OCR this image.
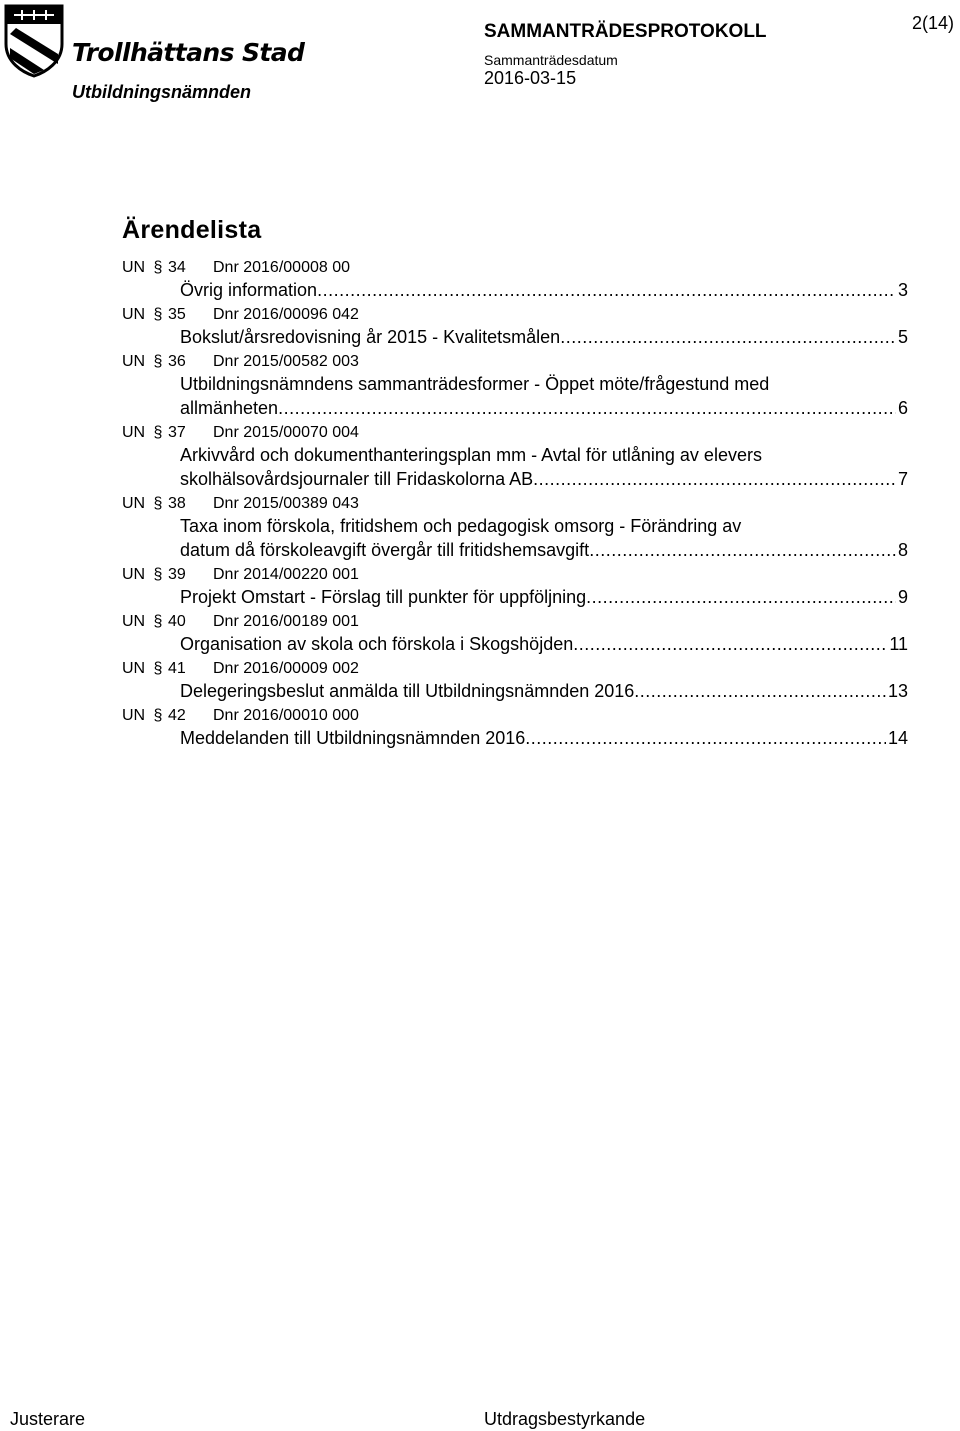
Trollhättans Stad
Utbildningsnämnden
SAMMANTRÄDESPROTOKOLL
Sammanträdesdatum
2016-03-15
2(14)
Ärendelista
UN § 34 Dnr 2016/00008 00
Övrig information .....	3
UN § 35 Dnr 2016/00096 042
Bokslut/årsredovisning år 2015 - Kvalitetsmålen .....	5
UN § 36 Dnr 2015/00582 003
Utbildningsnämndens sammanträdesformer - Öppet möte/frågestund med
allmänheten .....	6
UN § 37 Dnr 2015/00070 004
Arkivvård och dokumenthanteringsplan mm - Avtal för utlåning av elevers
skolhälsovårdsjournaler till Fridaskolorna AB .....	7
UN § 38 Dnr 2015/00389 043
Taxa inom förskola, fritidshem och pedagogisk omsorg - Förändring av
datum då förskoleavgift övergår till fritidshemsavgift .....	8
UN § 39 Dnr 2014/00220 001
Projekt Omstart - Förslag till punkter för uppföljning .....	9
UN § 40 Dnr 2016/00189 001
Organisation av skola och förskola i Skogshöjden .....	11
UN § 41 Dnr 2016/00009 002
Delegeringsbeslut anmälda till Utbildningsnämnden 2016 .....	13
UN § 42 Dnr 2016/00010 000
Meddelanden till Utbildningsnämnden 2016 .....	14
Justerare	Utdragsbestyrkande
